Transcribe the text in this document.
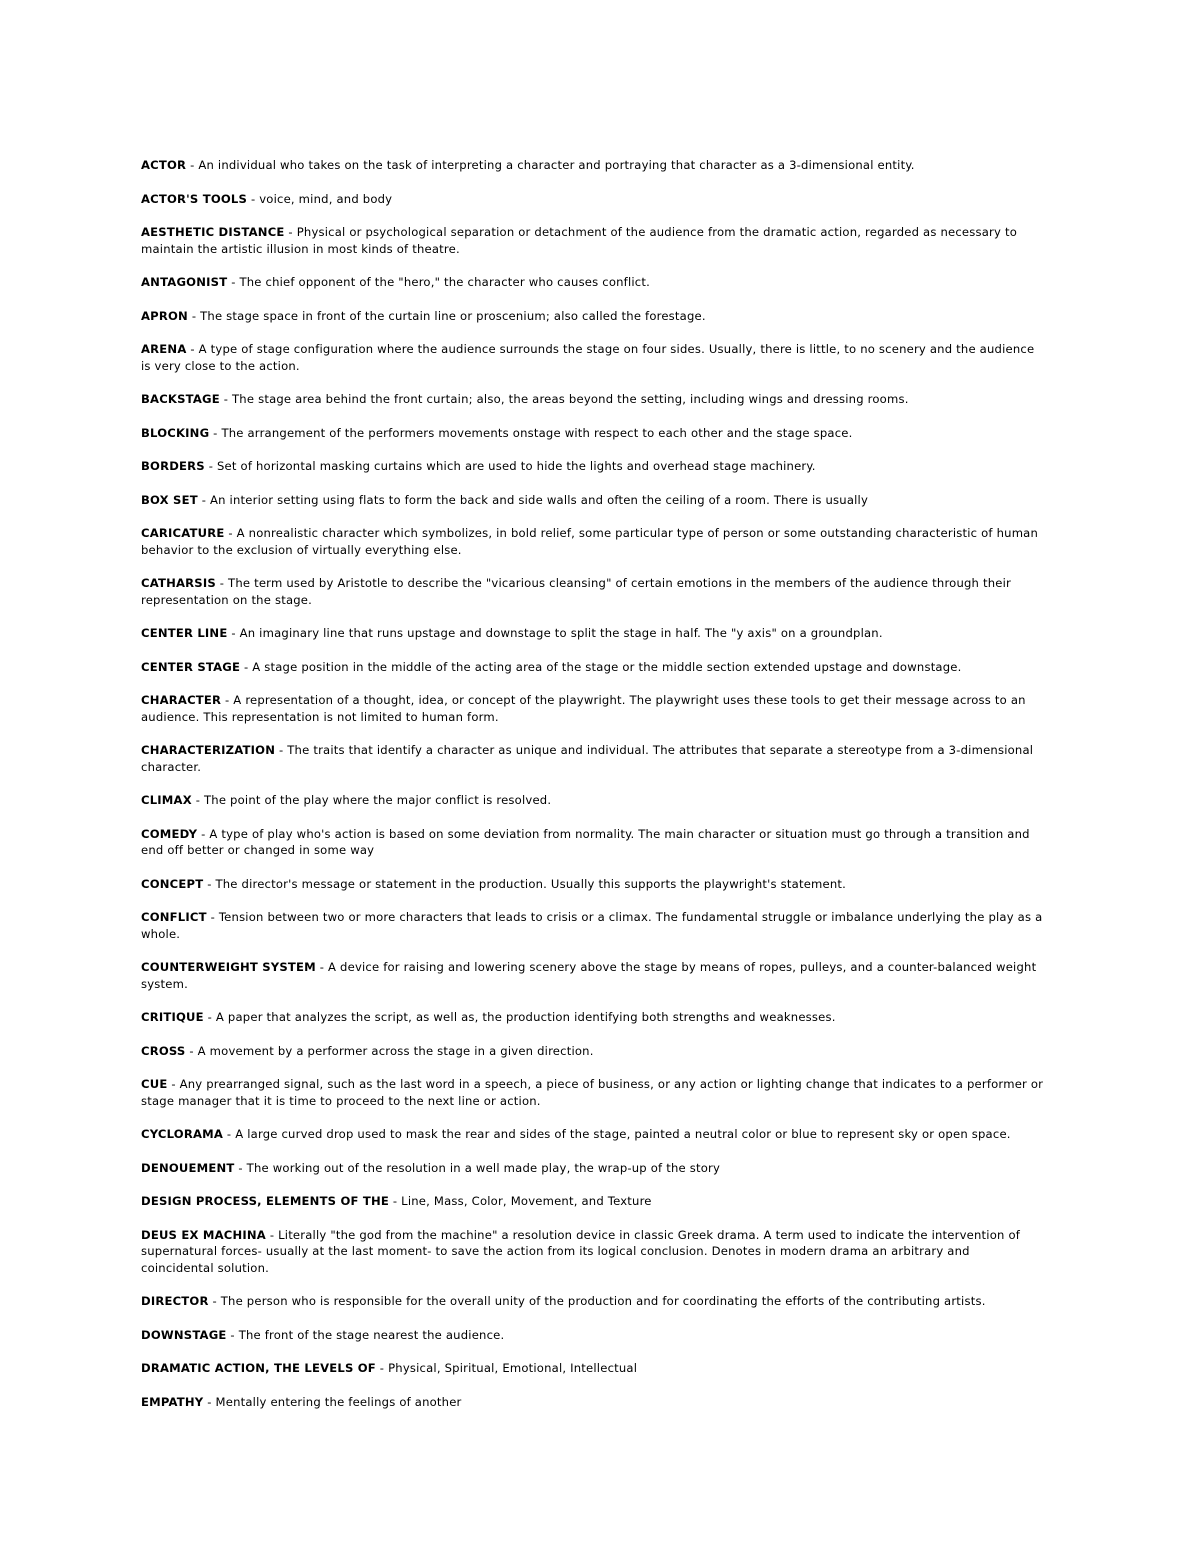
ACTOR - An individual who takes on the task of interpreting a character and portraying that character as a 3-dimensional entity.
ACTOR'S TOOLS - voice, mind, and body
AESTHETIC DISTANCE - Physical or psychological separation or detachment of the audience from the dramatic action, regarded as necessary to maintain the artistic illusion in most kinds of theatre.
ANTAGONIST - The chief opponent of the "hero," the character who causes conflict.
APRON - The stage space in front of the curtain line or proscenium; also called the forestage.
ARENA - A type of stage configuration where the audience surrounds the stage on four sides. Usually, there is little, to no scenery and the audience is very close to the action.
BACKSTAGE - The stage area behind the front curtain; also, the areas beyond the setting, including wings and dressing rooms.
BLOCKING - The arrangement of the performers movements onstage with respect to each other and the stage space.
BORDERS - Set of horizontal masking curtains which are used to hide the lights and overhead stage machinery.
BOX SET - An interior setting using flats to form the back and side walls and often the ceiling of a room. There is usually
CARICATURE - A nonrealistic character which symbolizes, in bold relief, some particular type of person or some outstanding characteristic of human behavior to the exclusion of virtually everything else.
CATHARSIS - The term used by Aristotle to describe the "vicarious cleansing" of certain emotions in the members of the audience through their representation on the stage.
CENTER LINE - An imaginary line that runs upstage and downstage to split the stage in half. The "y axis" on a groundplan.
CENTER STAGE - A stage position in the middle of the acting area of the stage or the middle section extended upstage and downstage.
CHARACTER - A representation of a thought, idea, or concept of the playwright. The playwright uses these tools to get their message across to an audience. This representation is not limited to human form.
CHARACTERIZATION - The traits that identify a character as unique and individual. The attributes that separate a stereotype from a 3-dimensional character.
CLIMAX - The point of the play where the major conflict is resolved.
COMEDY - A type of play who's action is based on some deviation from normality. The main character or situation must go through a transition and end off better or changed in some way
CONCEPT - The director's message or statement in the production. Usually this supports the playwright's statement.
CONFLICT - Tension between two or more characters that leads to crisis or a climax. The fundamental struggle or imbalance underlying the play as a whole.
COUNTERWEIGHT SYSTEM - A device for raising and lowering scenery above the stage by means of ropes, pulleys, and a counter-balanced weight system.
CRITIQUE - A paper that analyzes the script, as well as, the production identifying both strengths and weaknesses.
CROSS - A movement by a performer across the stage in a given direction.
CUE - Any prearranged signal, such as the last word in a speech, a piece of business, or any action or lighting change that indicates to a performer or stage manager that it is time to proceed to the next line or action.
CYCLORAMA - A large curved drop used to mask the rear and sides of the stage, painted a neutral color or blue to represent sky or open space.
DENOUEMENT - The working out of the resolution in a well made play, the wrap-up of the story
DESIGN PROCESS, ELEMENTS OF THE - Line, Mass, Color, Movement, and Texture
DEUS EX MACHINA - Literally "the god from the machine" a resolution device in classic Greek drama. A term used to indicate the intervention of supernatural forces- usually at the last moment- to save the action from its logical conclusion. Denotes in modern drama an arbitrary and coincidental solution.
DIRECTOR - The person who is responsible for the overall unity of the production and for coordinating the efforts of the contributing artists.
DOWNSTAGE - The front of the stage nearest the audience.
DRAMATIC ACTION, THE LEVELS OF - Physical, Spiritual, Emotional, Intellectual
EMPATHY - Mentally entering the feelings of another
